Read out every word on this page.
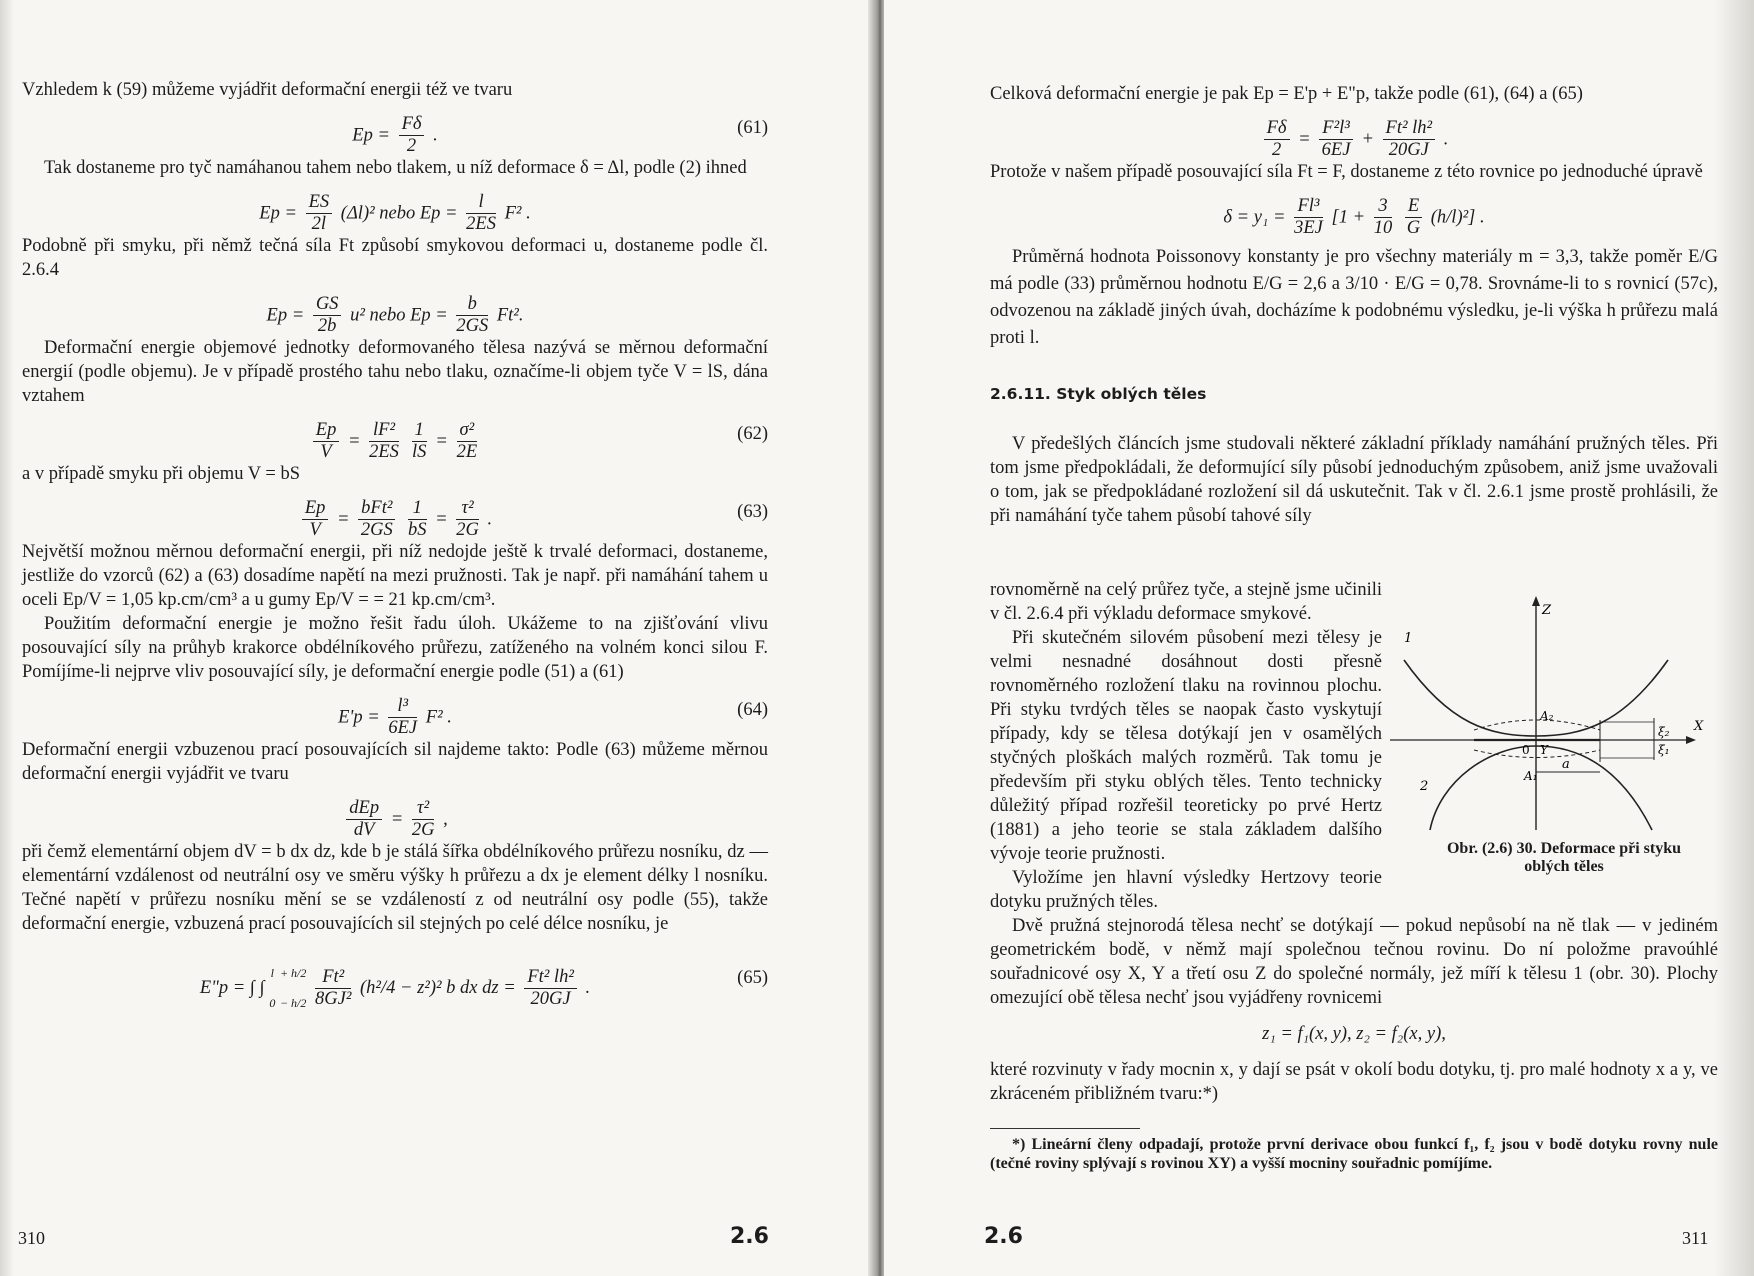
Vzhledem k (59) můžeme vyjádřit deformační energii též ve tvaru

$Ep = \frac{F\delta}{2}$ .	(61)

Tak dostaneme pro tyč namáhanou tahem nebo tlakem, u níž deformace δ = Δl, podle (2) ihned

$Ep = \frac{ES}{2l} (\Delta l)^2$ nebo $Ep = \frac{l}{2ES} F^2$ .

Podobně při smyku, při němž tečná síla Ft způsobí smykovou deformaci u, dostaneme podle čl. 2.6.4

$Ep = \frac{GS}{2b} u^2$ nebo $Ep = \frac{b}{2GS} Ft^2$.

Deformační energie objemové jednotky deformovaného tělesa nazývá se měrnou deformační energií (podle objemu). Je v případě prostého tahu nebo tlaku, označíme-li objem tyče V = lS, dána vztahem

$\frac{Ep}{V} = \frac{\text{lF²}}{2ES}$
$\frac{1}{lS} = \frac{\text{σ²}}{2E}$	(62)

a v případě smyku při objemu V = bS

$\frac{Ep}{V} = \frac{\text{bFt²}}{2GS}$
$\frac{1}{bS} = \frac{\text{τ²}}{2G}$ .	(63)

Největší možnou měrnou deformační energii, při níž nedojde ještě k trvalé deformaci, dostaneme, jestliže do vzorců (62) a (63) dosadíme napětí na mezi pružnosti. Tak je např. při namáhání tahem u oceli Ep/V = 1,05 kp.cm/cm³ a u gumy Ep/V = = 21 kp.cm/cm³.

Použitím deformační energie je možno řešit řadu úloh. Ukážeme to na zjišťování vlivu posouvající síly na průhyb krakorce obdélníkového průřezu, zatíženého na volném konci silou F. Pomíjíme-li nejprve vliv posouvající síly, je deformační energie podle (51) a (61)

$E'p = \frac{\text{l³}}{6EJ} F^2$ .	(64)

Deformační energii vzbuzenou prací posouvajících sil najdeme takto: Podle (63) můžeme měrnou deformační energii vyjádřit ve tvaru

$\frac{\text{dEp}}{dV} = \frac{\text{τ²}}{2G}$ ,

při čemž elementární objem dV = b dx dz, kde b je stálá šířka obdélníkového průřezu nosníku, dz — elementární vzdálenost od neutrální osy ve směru výšky h průřezu a dx je element délky l nosníku. Tečné napětí v průřezu nosníku mění se se vzdáleností z od neutrální osy podle (55), takže deformační energie, vzbuzená prací posouvajících sil stejných po celé délce nosníku, je

E"p = ∫ ∫
l
0

+ h/2
− h/2
$\frac{\text{Ft²}}{\text{8GJ²}} (h^2/4 - z^2)^2$ b dx dz = $\frac{\text{Ft² lh²}}{20GJ}$ .	(65)
310	2.6

Celková deformační energie je pak Ep = E'p + E"p, takže podle (61), (64) a (65)

$\frac{F\delta}{2} = \frac{\text{F²l³}}{6EJ} + \frac{\text{Ft² lh²}}{20GJ}$ .

Protože v našem případě posouvající síla Ft = F, dostaneme z této rovnice po jednoduché úpravě

$\delta = y_1 = \frac{\text{Fl³}}{3EJ} [1 + \frac{3}{10}$
$\frac{E}{G} (h/l)^2$] .

Průměrná hodnota Poissonovy konstanty je pro všechny materiály m = 3,3, takže poměr E/G má podle (33) průměrnou hodnotu E/G = 2,6 a 3/10 · E/G = 0,78. Srovnáme-li to s rovnicí (57c), odvozenou na základě jiných úvah, docházíme k podobnému výsledku, je-li výška h průřezu malá proti l.

2.6.11. Styk oblých těles

V předešlých článcích jsme studovali některé základní příklady namáhání pružných těles. Při tom jsme předpokládali, že deformující síly působí jednoduchým způsobem, aniž jsme uvažovali o tom, jak se předpokládané rozložení sil dá uskutečnit. Tak v čl. 2.6.1 jsme prostě prohlásili, že při namáhání tyče tahem působí tahové síly

rovnoměrně na celý průřez tyče, a stejně jsme učinili v čl. 2.6.4 při výkladu deformace smykové.

Při skutečném silovém působení mezi tělesy je velmi nesnadné dosáhnout dosti přesně rovnoměrného rozložení tlaku na rovinnou plochu. Při styku tvrdých těles se naopak často vyskytují případy, kdy se tělesa dotýkají jen v osamělých styčných ploškách malých rozměrů. Tak tomu je především při styku oblých těles. Tento technicky důležitý případ rozřešil teoreticky po prvé Hertz (1881) a jeho teorie se stala základem dalšího vývoje teorie pružnosti.

Vyložíme jen hlavní výsledky Hertzovy teorie dotyku pružných těles.

Z
X
1
2
A₂
A₁
0 Y
a
ξ₂
ξ₁
Obr. (2.6) 30. Deformace při styku oblých těles

Dvě pružná stejnorodá tělesa nechť se dotýkají — pokud nepůsobí na ně tlak — v jediném geometrickém bodě, v němž mají společnou tečnou rovinu. Do ní položme pravoúhlé souřadnicové osy X, Y a třetí osu Z do společné normály, jež míří k tělesu 1 (obr. 30). Plochy omezující obě tělesa nechť jsou vyjádřeny rovnicemi

z₁ = f₁(x, y), z₂ = f₂(x, y),

které rozvinuty v řady mocnin x, y dají se psát v okolí bodu dotyku, tj. pro malé hodnoty x a y, ve zkráceném přibližném tvaru:*)

*) Lineární členy odpadají, protože první derivace obou funkcí f₁, f₂ jsou v bodě dotyku rovny nule (tečné roviny splývají s rovinou XY) a vyšší mocniny souřadnic pomíjíme.

2.6	311
